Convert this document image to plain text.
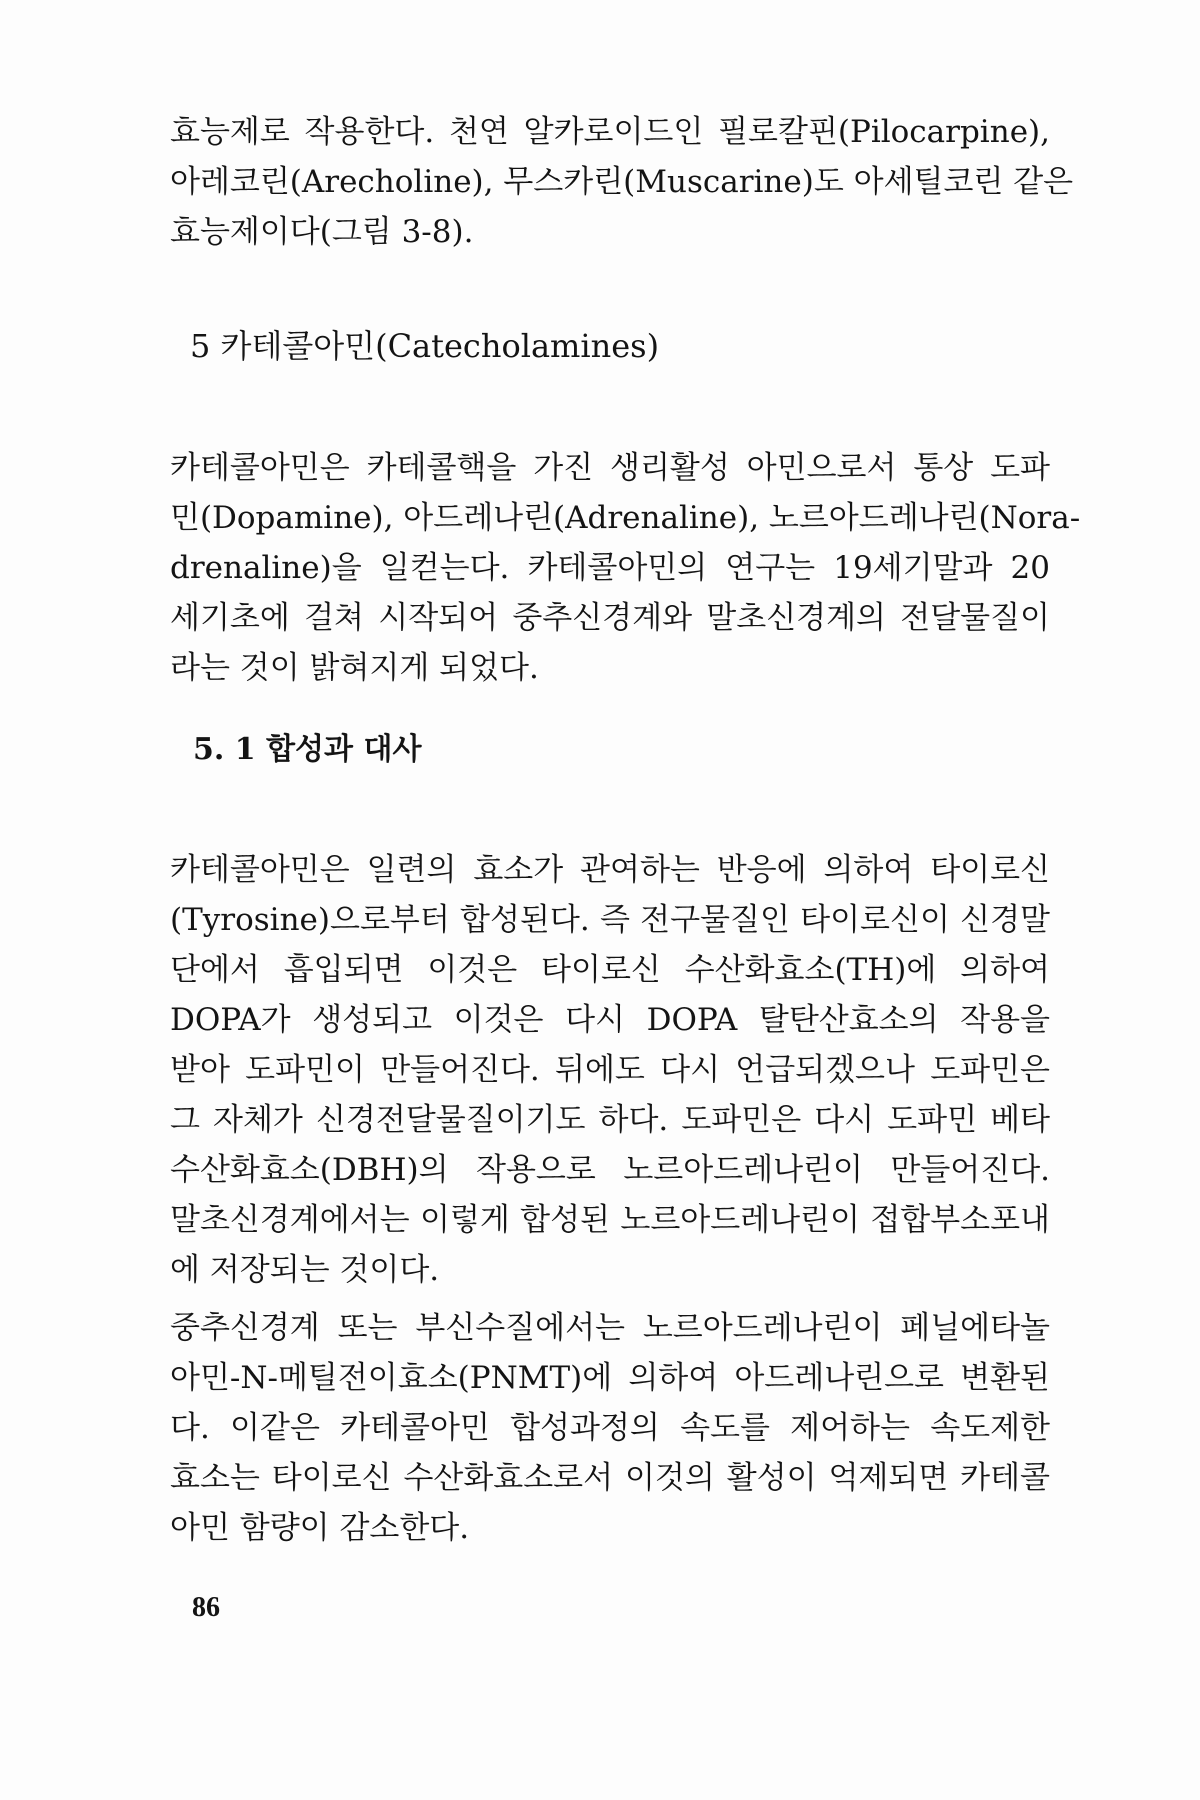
효능제로 작용한다. 천연 알카로이드인 필로칼핀(Pilocarpine),
아레코린(Arecholine), 무스카린(Muscarine)도 아세틸코린 같은
효능제이다(그림 3-8).
5 카테콜아민(Catecholamines)
카테콜아민은 카테콜핵을 가진 생리활성 아민으로서 통상 도파
민(Dopamine), 아드레나린(Adrenaline), 노르아드레나린(Nora-
drenaline)을 일컫는다. 카테콜아민의 연구는 19세기말과 20
세기초에 걸쳐 시작되어 중추신경계와 말초신경계의 전달물질이
라는 것이 밝혀지게 되었다.
5. 1 합성과 대사
카테콜아민은 일련의 효소가 관여하는 반응에 의하여 타이로신
(Tyrosine)으로부터 합성된다. 즉 전구물질인 타이로신이 신경말
단에서 흡입되면 이것은 타이로신 수산화효소(TH)에 의하여
DOPA가 생성되고 이것은 다시 DOPA 탈탄산효소의 작용을
받아 도파민이 만들어진다. 뒤에도 다시 언급되겠으나 도파민은
그 자체가 신경전달물질이기도 하다. 도파민은 다시 도파민 베타
수산화효소(DBH)의 작용으로 노르아드레나린이 만들어진다.
말초신경계에서는 이렇게 합성된 노르아드레나린이 접합부소포내
에 저장되는 것이다.
중추신경계 또는 부신수질에서는 노르아드레나린이 페닐에타놀
아민-N-메틸전이효소(PNMT)에 의하여 아드레나린으로 변환된
다. 이같은 카테콜아민 합성과정의 속도를 제어하는 속도제한
효소는 타이로신 수산화효소로서 이것의 활성이 억제되면 카테콜
아민 함량이 감소한다.
86
